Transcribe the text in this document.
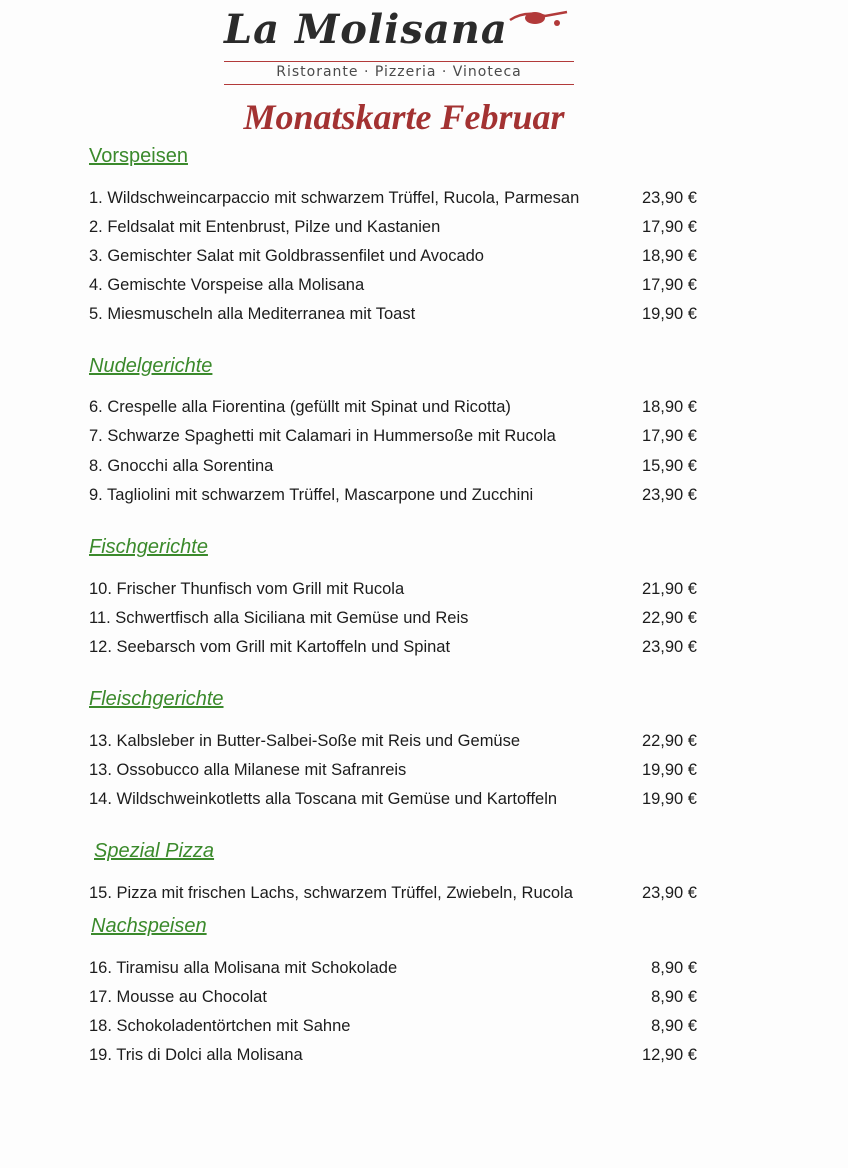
La Molisana
Ristorante · Pizzeria · Vinoteca
Monatskarte Februar
Vorspeisen
1. Wildschweincarpaccio mit schwarzem Trüffel, Rucola, Parmesan	23,90 €
2. Feldsalat mit Entenbrust, Pilze und Kastanien	17,90 €
3. Gemischter Salat mit Goldbrassenfilet und Avocado	18,90 €
4. Gemischte Vorspeise alla Molisana	17,90 €
5. Miesmuscheln alla Mediterranea mit Toast	19,90 €
Nudelgerichte
6. Crespelle alla Fiorentina (gefüllt mit Spinat und Ricotta)	18,90 €
7. Schwarze Spaghetti mit Calamari in Hummersoße mit Rucola	17,90 €
8. Gnocchi alla Sorentina	15,90 €
9. Tagliolini mit schwarzem Trüffel, Mascarpone und Zucchini	23,90 €
Fischgerichte
10. Frischer Thunfisch vom Grill mit Rucola	21,90 €
11. Schwertfisch alla Siciliana mit Gemüse und Reis	22,90 €
12. Seebarsch vom Grill mit Kartoffeln und Spinat	23,90 €
Fleischgerichte
13. Kalbsleber in Butter-Salbei-Soße mit Reis und Gemüse	22,90 €
13. Ossobucco alla Milanese mit Safranreis	19,90 €
14. Wildschweinkotletts alla Toscana mit Gemüse und Kartoffeln	19,90 €
Spezial Pizza
15. Pizza mit frischen Lachs, schwarzem Trüffel, Zwiebeln, Rucola	23,90 €
Nachspeisen
16. Tiramisu alla Molisana mit Schokolade	8,90 €
17. Mousse au Chocolat	8,90 €
18. Schokoladentörtchen mit Sahne	8,90 €
19. Tris di Dolci alla Molisana	12,90 €
